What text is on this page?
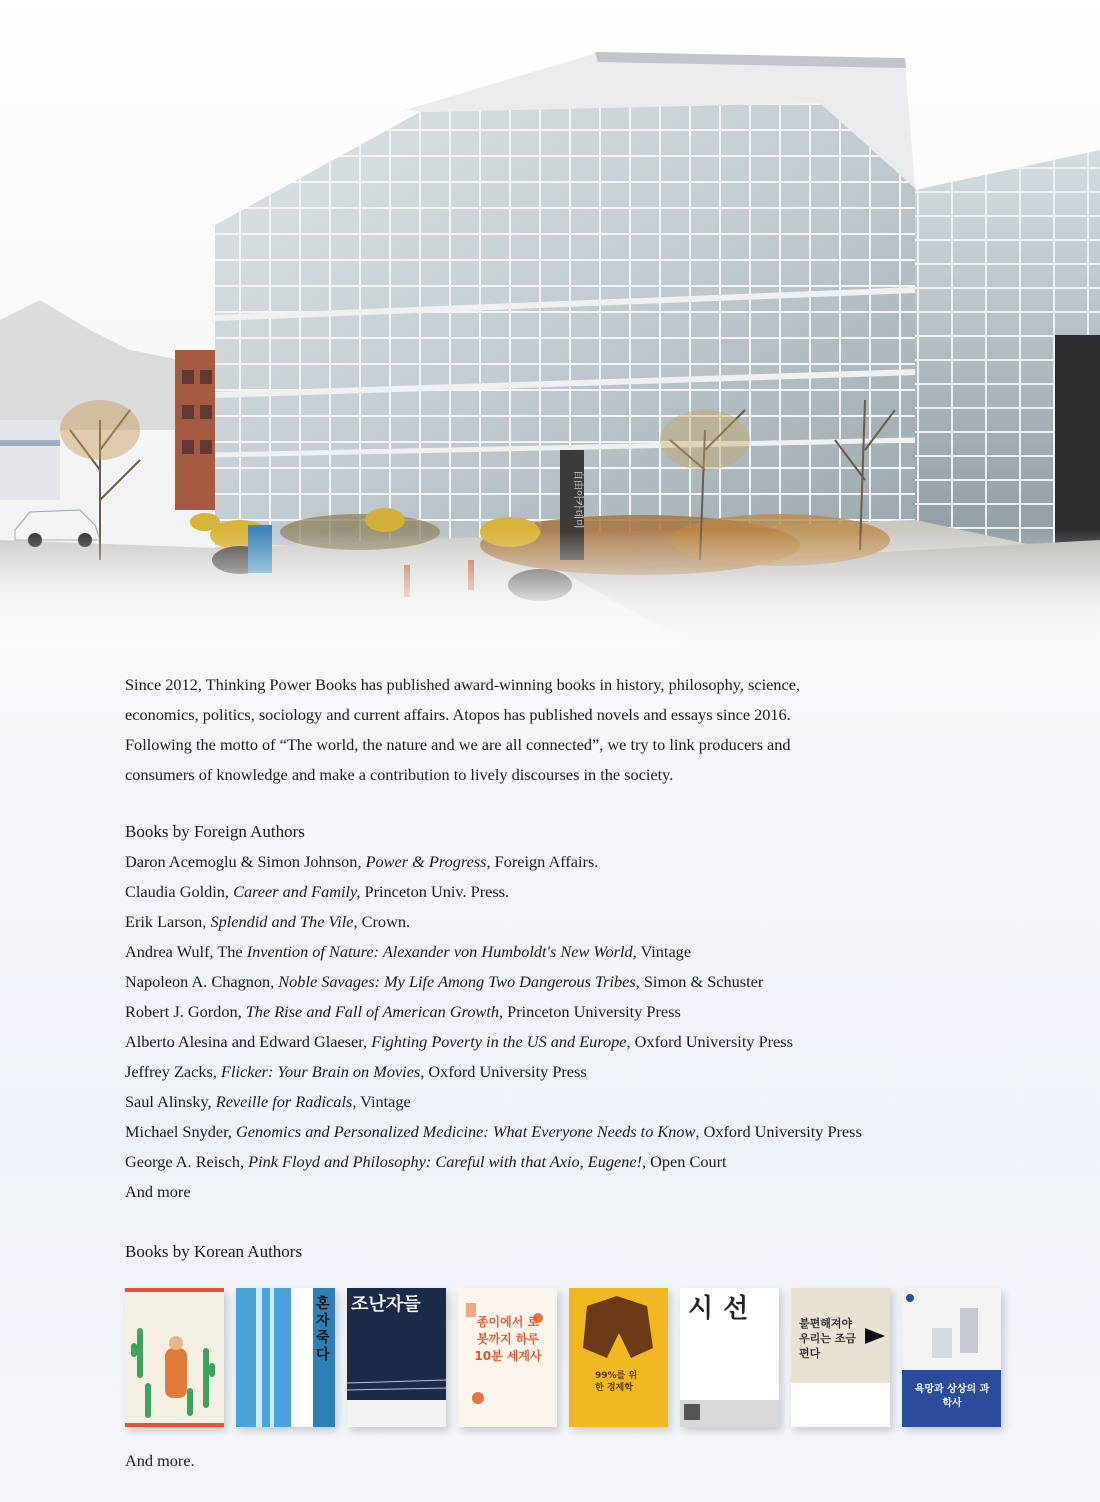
自由아카데미

Since 2012, Thinking Power Books has published award-winning books in history, philosophy, science,

economics, politics, sociology and current affairs. Atopos has published novels and essays since 2016.

Following the motto of “The world, the nature and we are all connected”, we try to link producers and

consumers of knowledge and make a contribution to lively discourses in the society.

Books by Foreign Authors
Daron Acemoglu & Simon Johnson, Power & Progress, Foreign Affairs.
Claudia Goldin, Career and Family, Princeton Univ. Press.
Erik Larson, Splendid and The Vile, Crown.
Andrea Wulf, The Invention of Nature: Alexander von Humboldt's New World, Vintage
Napoleon A. Chagnon, Noble Savages: My Life Among Two Dangerous Tribes, Simon & Schuster
Robert J. Gordon, The Rise and Fall of American Growth, Princeton University Press
Alberto Alesina and Edward Glaeser, Fighting Poverty in the US and Europe, Oxford University Press
Jeffrey Zacks, Flicker: Your Brain on Movies, Oxford University Press
Saul Alinsky, Reveille for Radicals, Vintage
Michael Snyder, Genomics and Personalized Medicine: What Everyone Needs to Know, Oxford University Press
George A. Reisch, Pink Floyd and Philosophy: Careful with that Axio, Eugene!, Open Court
And more
Books by Korean Authors
혼자 죽다
조난자들
종이에서 로봇까지 하루 10분 세계사
99%를 위한 경제학
시선	불편해져야 우리는 조금 편다
욕망과 상상의 과학사
And more.
